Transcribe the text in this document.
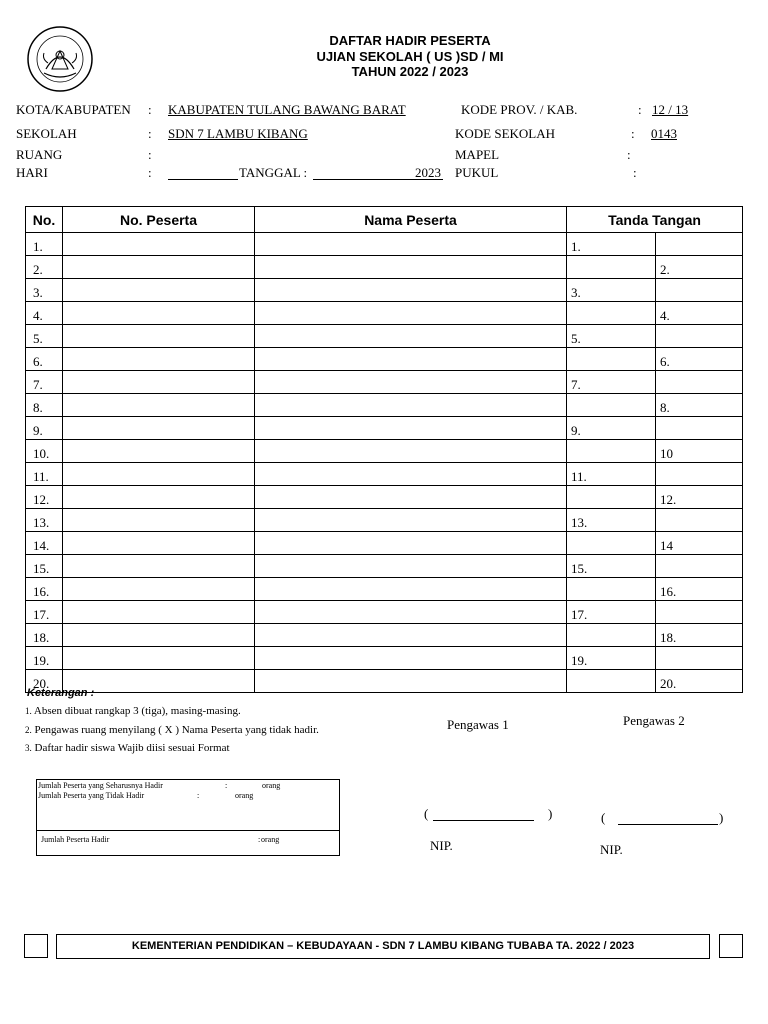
DAFTAR HADIR PESERTA
UJIAN SEKOLAH ( US )SD / MI
TAHUN 2022 / 2023
KOTA/KABUPATEN : KABUPATEN TULANG BAWANG BARAT	KODE PROV. / KAB.	: 12 / 13
SEKOLAH	: SDN 7 LAMBU KIBANG	KODE SEKOLAH	: 0143
RUANG	:	MAPEL	:
HARI	:	TANGGAL :	2023 PUKUL	:
No.	No. Peserta	Nama Peserta	Tanda Tangan	
1.			1.	
2.				2.
3.			3.	
4.				4.
5.			5.	
6.				6.
7.			7.	
8.				8.
9.			9.	
10.				10
11.			11.	
12.				12.
13.			13.	
14.				14
15.			15.	
16.				16.
17.			17.	
18.				18.
19.			19.	
20.				20.
Keterangan :
1. Absen dibuat rangkap 3 (tiga), masing-masing.
2. Pengawas ruang menyilang ( X ) Nama Peserta yang tidak hadir.
3. Daftar hadir siswa Wajib diisi sesuai Format
Jumlah Peserta yang Seharusnya Hadir	:	orang
Jumlah Peserta yang Tidak Hadir	:	orang
Jumlah Peserta Hadir	: orang
Pengawas 1	Pengawas 2
(	)	(	)
NIP.	NIP.
KEMENTERIAN PENDIDIKAN – KEBUDAYAAN - SDN 7 LAMBU KIBANG TUBABA TA. 2022 / 2023
